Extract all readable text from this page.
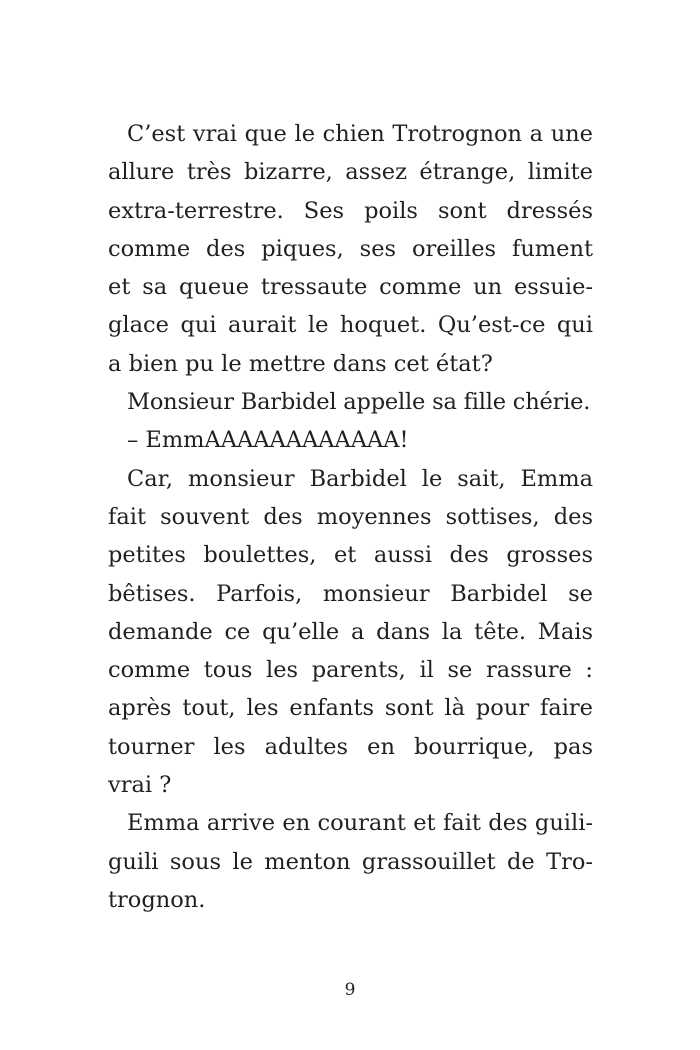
C’est vrai que le chien Trotrognon a une
allure très bizarre, assez étrange, limite
extra-terrestre. Ses poils sont dressés
comme des piques, ses oreilles fument
et sa queue tressaute comme un essuie-
glace qui aurait le hoquet. Qu’est-ce qui
a bien pu le mettre dans cet état?
Monsieur Barbidel appelle sa fille chérie.
– EmmAAAAAAAAAAAA!
Car, monsieur Barbidel le sait, Emma
fait souvent des moyennes sottises, des
petites boulettes, et aussi des grosses
bêtises. Parfois, monsieur Barbidel se
demande ce qu’elle a dans la tête. Mais
comme tous les parents, il se rassure :
après tout, les enfants sont là pour faire
tourner les adultes en bourrique, pas
vrai ?
Emma arrive en courant et fait des guili-
guili sous le menton grassouillet de Tro-
trognon.
9
